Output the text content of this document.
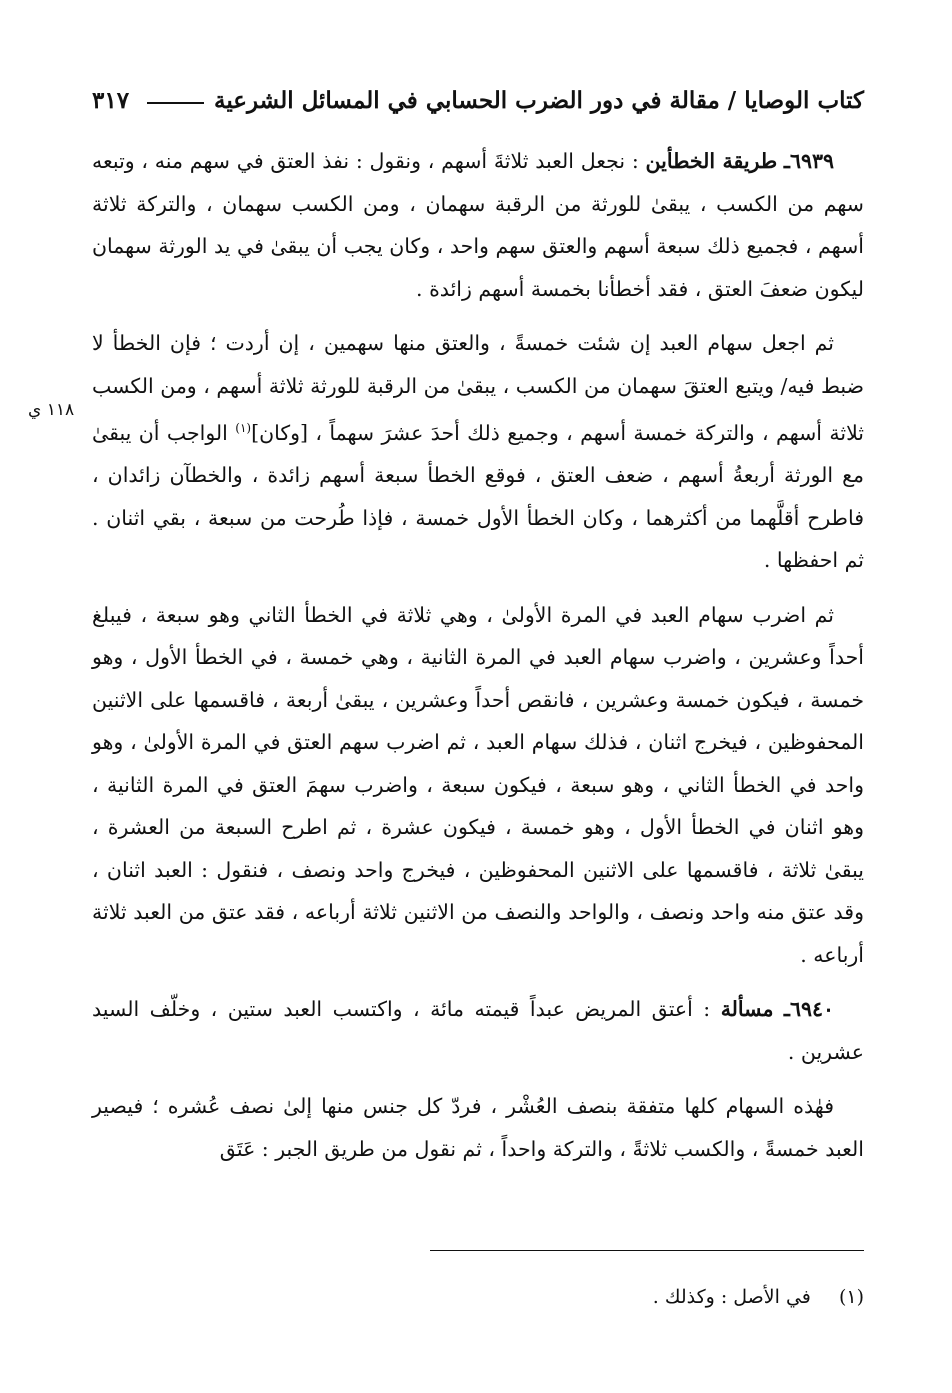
كتاب الوصايا / مقالة في دور الضرب الحسابي في المسائل الشرعية
٣١٧
١١٨ ي

٦٩٣٩ـ طريقة الخطأين : نجعل العبد ثلاثةَ أسهم ، ونقول : نفذ العتق في سهم منه ، وتبعه سهم من الكسب ، يبقىٰ للورثة من الرقبة سهمان ، ومن الكسب سهمان ، والتركة ثلاثة أسهم ، فجميع ذلك سبعة أسهم والعتق سهم واحد ، وكان يجب أن يبقىٰ في يد الورثة سهمان ليكون ضعفَ العتق ، فقد أخطأنا بخمسة أسهم زائدة .

ثم اجعل سهام العبد إن شئت خمسةً ، والعتق منها سهمين ، إن أردت ؛ فإن الخطأ لا ضبط فيه/ ويتبع العتقَ سهمان من الكسب ، يبقىٰ من الرقبة للورثة ثلاثة أسهم ، ومن الكسب ثلاثة أسهم ، والتركة خمسة أسهم ، وجميع ذلك أحدَ عشرَ سهماً ، [وكان]$^{(١)}$ الواجب أن يبقىٰ مع الورثة أربعةُ أسهم ، ضعف العتق ، فوقع الخطأ سبعة أسهم زائدة ، والخطآن زائدان ، فاطرح أقلَّهما من أكثرهما ، وكان الخطأ الأول خمسة ، فإذا طُرحت من سبعة ، بقي اثنان . ثم احفظها .

ثم اضرب سهام العبد في المرة الأولىٰ ، وهي ثلاثة في الخطأ الثاني وهو سبعة ، فيبلغ أحداً وعشرين ، واضرب سهام العبد في المرة الثانية ، وهي خمسة ، في الخطأ الأول ، وهو خمسة ، فيكون خمسة وعشرين ، فانقص أحداً وعشرين ، يبقىٰ أربعة ، فاقسمها على الاثنين المحفوظين ، فيخرج اثنان ، فذلك سهام العبد ، ثم اضرب سهم العتق في المرة الأولىٰ ، وهو واحد في الخطأ الثاني ، وهو سبعة ، فيكون سبعة ، واضرب سهمَ العتق في المرة الثانية ، وهو اثنان في الخطأ الأول ، وهو خمسة ، فيكون عشرة ، ثم اطرح السبعة من العشرة ، يبقىٰ ثلاثة ، فاقسمها على الاثنين المحفوظين ، فيخرج واحد ونصف ، فنقول : العبد اثنان ، وقد عتق منه واحد ونصف ، والواحد والنصف من الاثنين ثلاثة أرباعه ، فقد عتق من العبد ثلاثة أرباعه .

٦٩٤٠ـ مسألة : أعتق المريض عبداً قيمته مائة ، واكتسب العبد ستين ، وخلّف السيد عشرين .

فهٰذه السهام كلها متفقة بنصف العُشْر ، فردّ كل جنس منها إلىٰ نصف عُشره ؛ فيصير العبد خمسةً ، والكسب ثلاثةً ، والتركة واحداً ، ثم نقول من طريق الجبر : عَتَق

(١) في الأصل : وكذلك .
